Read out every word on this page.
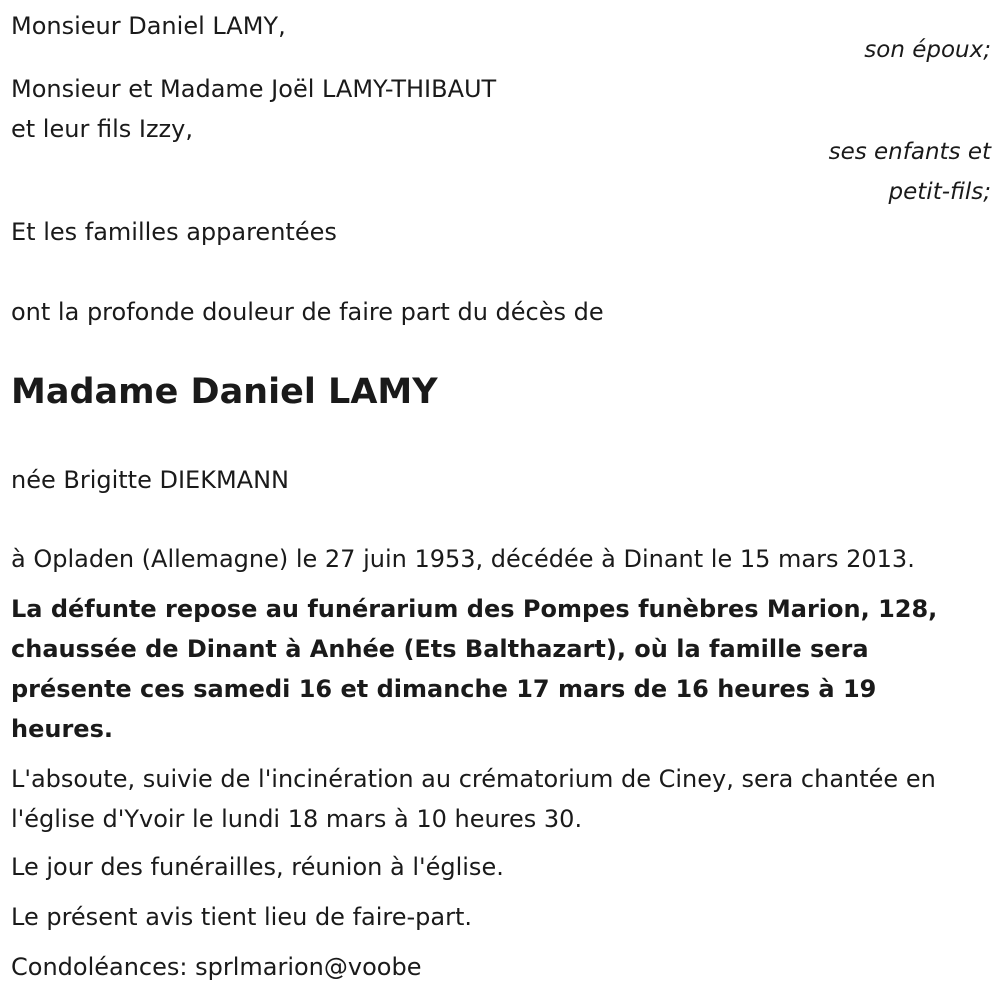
Monsieur Daniel LAMY,

son époux;

Monsieur et Madame Joël LAMY-THIBAUT

et leur fils Izzy,

ses enfants et

petit-fils;

Et les familles apparentées

ont la profonde douleur de faire part du décès de

Madame Daniel LAMY

née Brigitte DIEKMANN

à Opladen (Allemagne) le 27 juin 1953, décédée à Dinant le 15 mars 2013.

La défunte repose au funérarium des Pompes funèbres Marion, 128, chaussée de Dinant à Anhée (Ets Balthazart), où la famille sera présente ces samedi 16 et dimanche 17 mars de 16 heures à 19 heures.

L'absoute, suivie de l'incinération au crématorium de Ciney, sera chantée en l'église d'Yvoir le lundi 18 mars à 10 heures 30.

Le jour des funérailles, réunion à l'église.

Le présent avis tient lieu de faire-part.

Condoléances: sprlmarion@voobe
